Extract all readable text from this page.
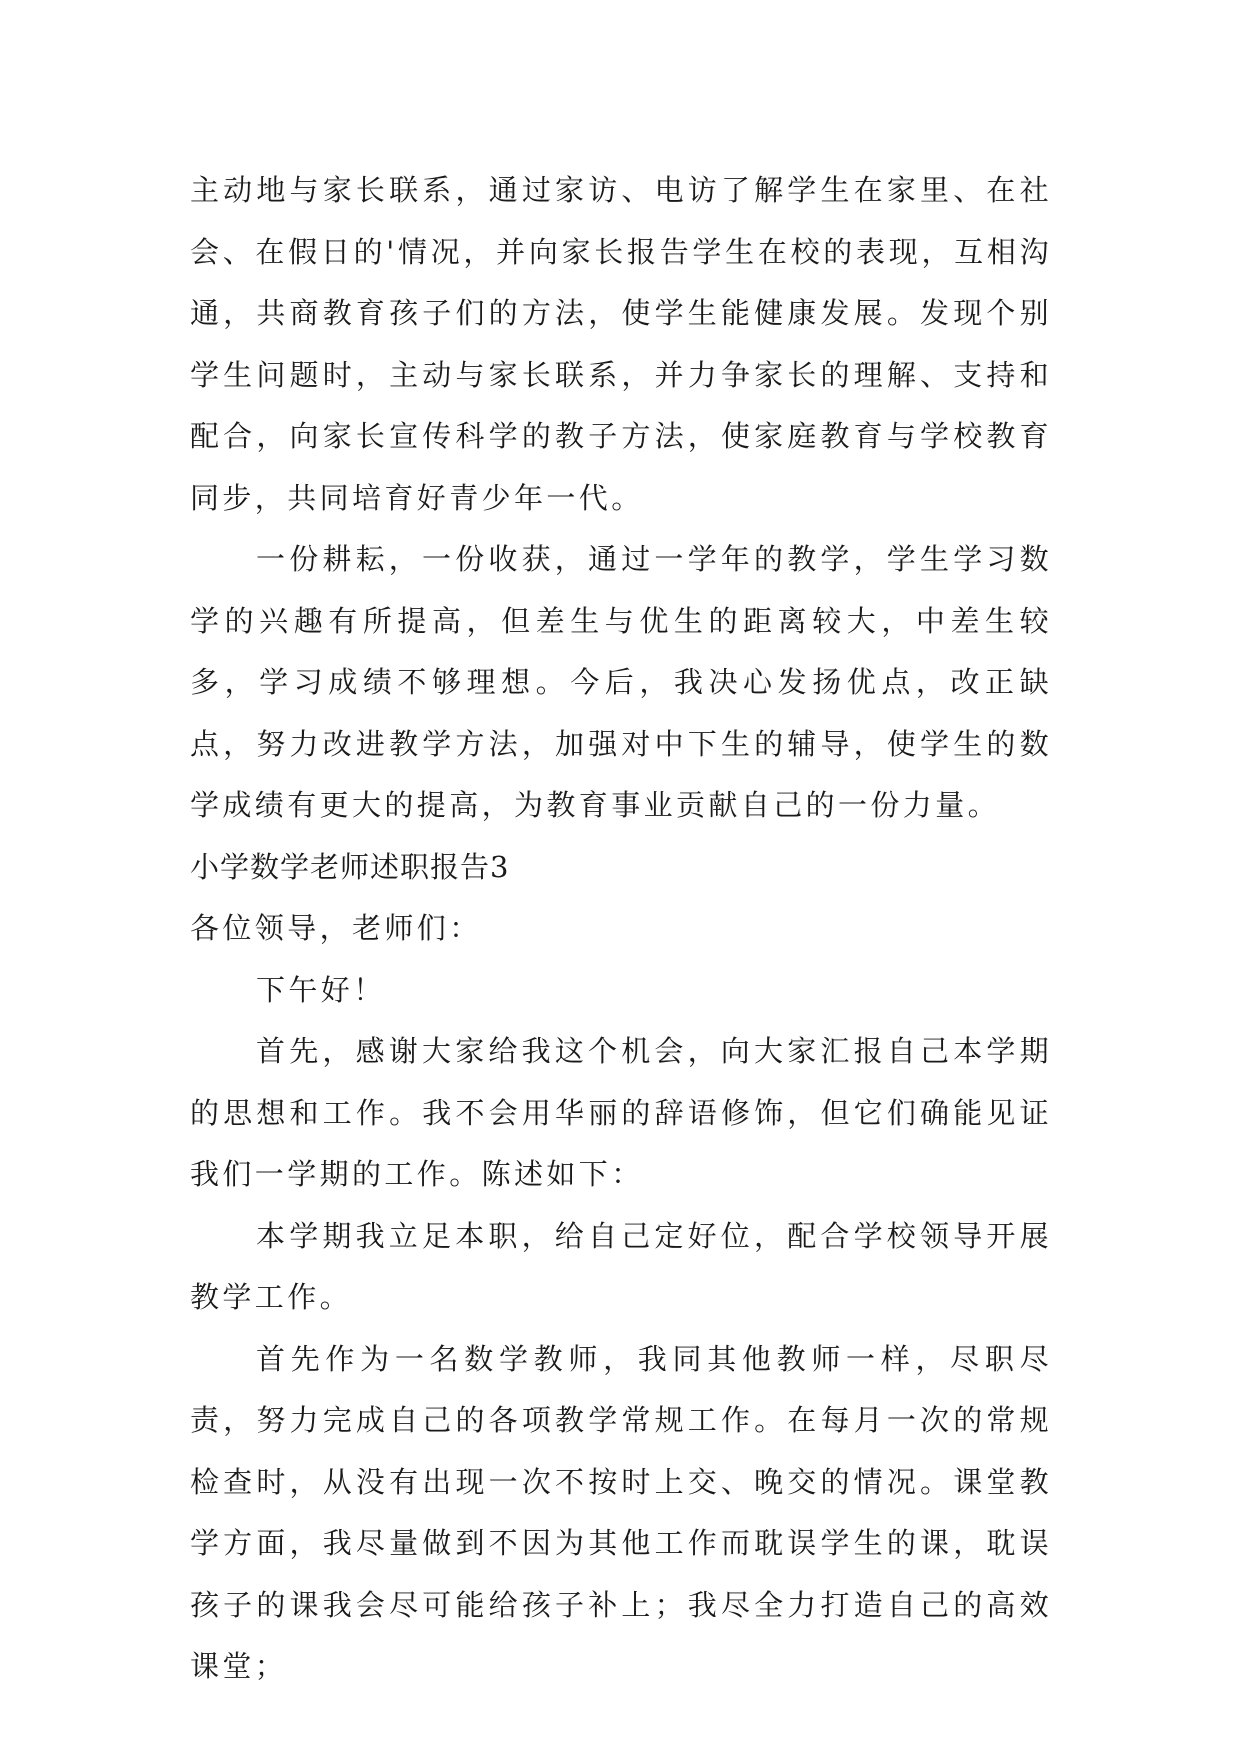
主动地与家长联系，通过家访、电访了解学生在家里、在社会、在假日的'情况，并向家长报告学生在校的表现，互相沟通，共商教育孩子们的方法，使学生能健康发展。发现个别学生问题时，主动与家长联系，并力争家长的理解、支持和配合，向家长宣传科学的教子方法，使家庭教育与学校教育同步，共同培育好青少年一代。

一份耕耘，一份收获，通过一学年的教学，学生学习数学的兴趣有所提高，但差生与优生的距离较大，中差生较多，学习成绩不够理想。今后，我决心发扬优点，改正缺点，努力改进教学方法，加强对中下生的辅导，使学生的数学成绩有更大的提高，为教育事业贡献自己的一份力量。

小学数学老师述职报告3

各位领导，老师们：

下午好！

首先，感谢大家给我这个机会，向大家汇报自己本学期的思想和工作。我不会用华丽的辞语修饰，但它们确能见证我们一学期的工作。陈述如下：

本学期我立足本职，给自己定好位，配合学校领导开展教学工作。

首先作为一名数学教师，我同其他教师一样，尽职尽责，努力完成自己的各项教学常规工作。在每月一次的常规检查时，从没有出现一次不按时上交、晚交的情况。课堂教学方面，我尽量做到不因为其他工作而耽误学生的课，耽误孩子的课我会尽可能给孩子补上；我尽全力打造自己的高效课堂；
